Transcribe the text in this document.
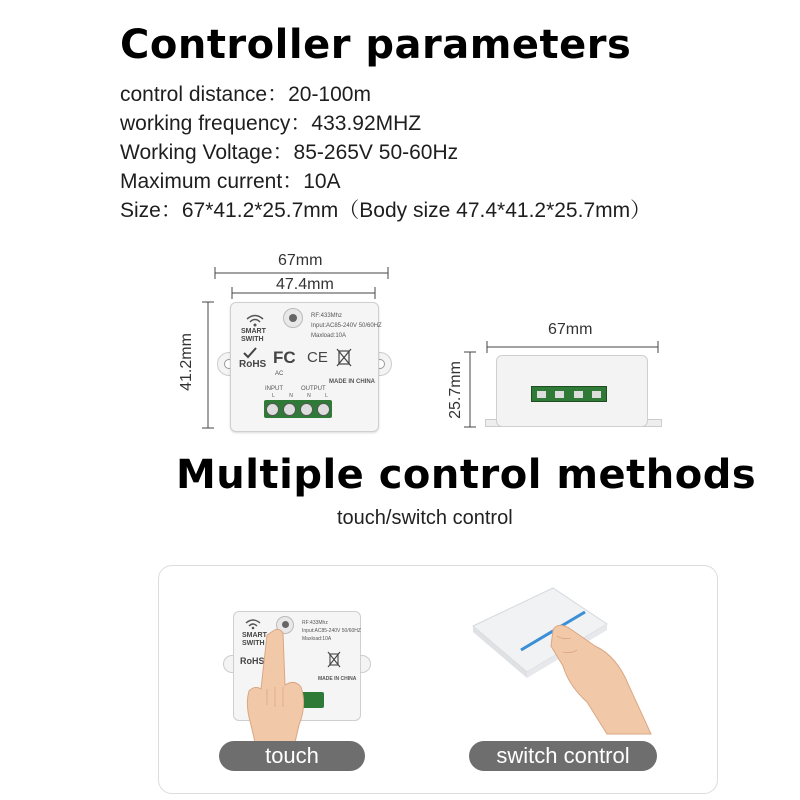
Controller parameters
control distance：20-100m
working frequency：433.92MHZ
Working Voltage：85-265V 50-60Hz
Maximum current：10A
Size：67*41.2*25.7mm（Body size 47.4*41.2*25.7mm）
67mm
47.4mm
41.2mm
SMART
SWITH
RF:433Mhz
Input:AC85-240V 50/60HZ
Maxload:10A
RoHS FC CE
AC
INPUT	OUTPUT
MADE IN CHINA
L	N	N	L
67mm
25.7mm
Multiple control methods
touch/switch control
SMART
SWITH
RF:433Mhz
Input:AC85-240V 50/60HZ
Maxload:10A
RoHS
MADE IN CHINA
touch	switch control
